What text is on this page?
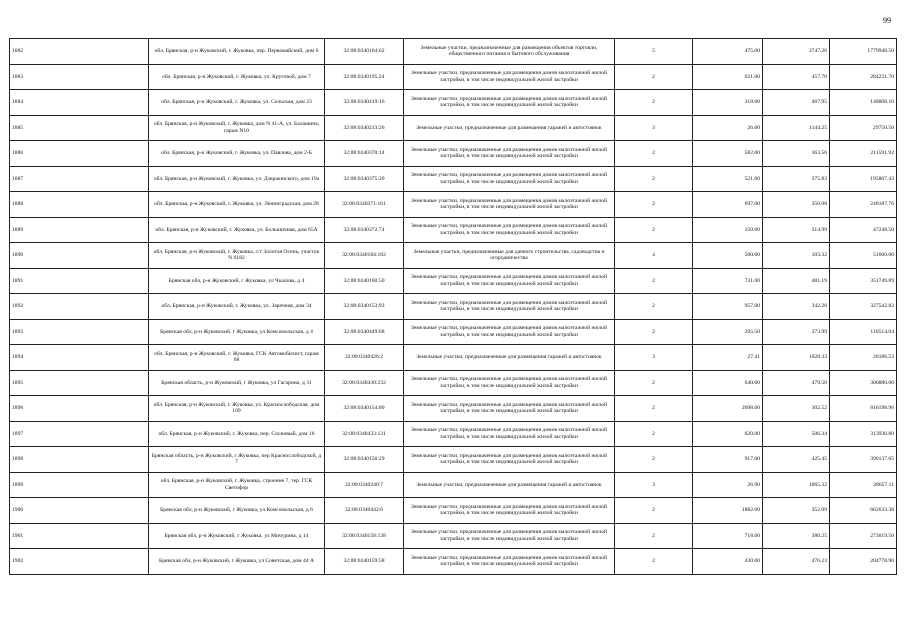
99
1882	обл. Брянская, р-н Жуковский, г. Жуковка, пер. Первомайский, дом 6	32:08:0340164:62	Земельные участки, предназначенные для размещения объектов торговли, общественного питания и бытового обслуживания	5	475.00	3747.26	1779948.50
1883	обл. Брянская, р-н Жуковский, г. Жуковка, ул. Круговой, дом 7	32:08:0340195:24	Земельные участки, предназначенные для размещения домов малоэтажной жилой застройки, в том числе индивидуальной жилой застройки	2	621.00	457.70	284231.70
1884	обл. Брянская, р-н Жуковский, г. Жуковка, ул. Сельская, дом 23	32:08:0340419:16	Земельные участки, предназначенные для размещения домов малоэтажной жилой застройки, в том числе индивидуальной жилой застройки	2	318.00	467.95	148808.10
1885	обл. Брянская, р-н Жуковский, г. Жуковка, дом N 41-А, ул. Балашина, гараж N10	32:08:0340213:26	Земельные участки, предназначенные для размещения гаражей и автостоянок	3	26.00	1144.25	29750.50
1886	обл. Брянская, р-н Жуковский, г. Жуковка, ул. Павлова, дом 2-Б	32:08:0340370:14	Земельные участки, предназначенные для размещения домов малоэтажной жилой застройки, в том числе индивидуальной жилой застройки	2	582.00	363.56	211591.92
1887	обл. Брянская, р-н Жуковский, г. Жуковка, ул. Дзержинского, дом 19а	32:08:0340375:20	Земельные участки, предназначенные для размещения домов малоэтажной жилой застройки, в том числе индивидуальной жилой застройки	2	521.00	375.83	195807.43
1888	обл. Брянская, р-н Жуковский, г. Жуковка, ул. Ленинградская, дом 28	32:08:0340371:161	Земельные участки, предназначенные для размещения домов малоэтажной жилой застройки, в том числе индивидуальной жилой застройки	2	697.00	356.08	248187.76
1889	обл. Брянская, р-н Жуковский, г. Жуковка, ул. Большичная, дом 65А	32:08:0340372:74	Земельные участки, предназначенные для размещения домов малоэтажной жилой застройки, в том числе индивидуальной жилой застройки	2	150.00	314.99	47248.50
1890	обл. Брянская, р-н Жуковский, г. Жуковка, с/т Золотая Осень, участок N 0182	32:08:0340184:182	Земельные участки, предназначенные для дачного строительства, садоводства и огородничества	4	500.00	103.32	51660.00
1891	Брянская обл, р-н Жуковский, г Жуковка, ул Чкалова, д 4	32:08:0340160:50	Земельные участки, предназначенные для размещения домов малоэтажной жилой застройки, в том числе индивидуальной жилой застройки	2	731.00	481.19	351749.89
1892	обл. Брянская, р-н Жуковский, г. Жуковка, ул. Заречная, дом 34	32:08:0340153:93	Земельные участки, предназначенные для размещения домов малоэтажной жилой застройки, в том числе индивидуальной жилой застройки	2	957.00	342.26	327542.82
1893	Брянская обл, р-н Жуковский, г Жуковка, ул Комсомольская, д 4	32:08:0340449:68	Земельные участки, предназначенные для размещения домов малоэтажной жилой застройки, в том числе индивидуальной жилой застройки	2	295.50	373.99	110514.04
1894	обл. Брянская, р-н Жуковский, г. Жуковка, ГСК Автомобилист, гараж 68	32:08:0340426:2	Земельные участки, предназначенные для размещения гаражей и автостоянок	3	27.41	1028.33	28186.53
1895	Брянская область, р-н Жуковский, г Жуковка, ул Гагарина, д 31	32:08:0340430:232	Земельные участки, предназначенные для размещения домов малоэтажной жилой застройки, в том числе индивидуальной жилой застройки	2	640.00	479.50	306880.00
1896	обл. Брянская, р-н Жуковский, г. Жуковка, ул. Краснослободская, дом 109	32:08:0340154:80	Земельные участки, предназначенные для размещения домов малоэтажной жилой застройки, в том числе индивидуальной жилой застройки	2	2698.00	302.52	816198.96
1897	обл. Брянская, р-н Жуковский, г. Жуковка, пер. Сосновый, дом 16	32:08:0340433:131	Земельные участки, предназначенные для размещения домов малоэтажной жилой застройки, в том числе индивидуальной жилой застройки	2	620.00	506.34	313930.80
1898	Брянская область, р-н Жуковский, г Жуковка, пер Краснослободской, д 7	32:08:0340156:29	Земельные участки, предназначенные для размещения домов малоэтажной жилой застройки, в том числе индивидуальной жилой застройки	2	917.00	425.45	390137.65
1899	обл. Брянская, р-н Жуковский, г. Жуковка, строение 7, тер. ГСК Светофор	32:08:0340240:7	Земельные участки, предназначенные для размещения гаражей и автостоянок	3	26.90	1065.32	28657.11
1900	Брянская обл, р-н Жуковский, г Жуковка, ул Комсомольская, д 6	32:08:0340442:6	Земельные участки, предназначенные для размещения домов малоэтажной жилой застройки, в том числе индивидуальной жилой застройки	2	1882.00	352.09	662633.38
1901	Брянская обл, р-н Жуковский, г Жуковка, ул Мичурина, д 14	32:08:0340158:138	Земельные участки, предназначенные для размещения домов малоэтажной жилой застройки, в том числе индивидуальной жилой застройки	2	718.00	380.25	273019.50
1902	Брянская обл, р-н Жуковский, г Жуковка, ул Советская, дом 44 А	32:08:0340159:58	Земельные участки, предназначенные для размещения домов малоэтажной жилой застройки, в том числе индивидуальной жилой застройки	2	430.00	476.23	204778.90
